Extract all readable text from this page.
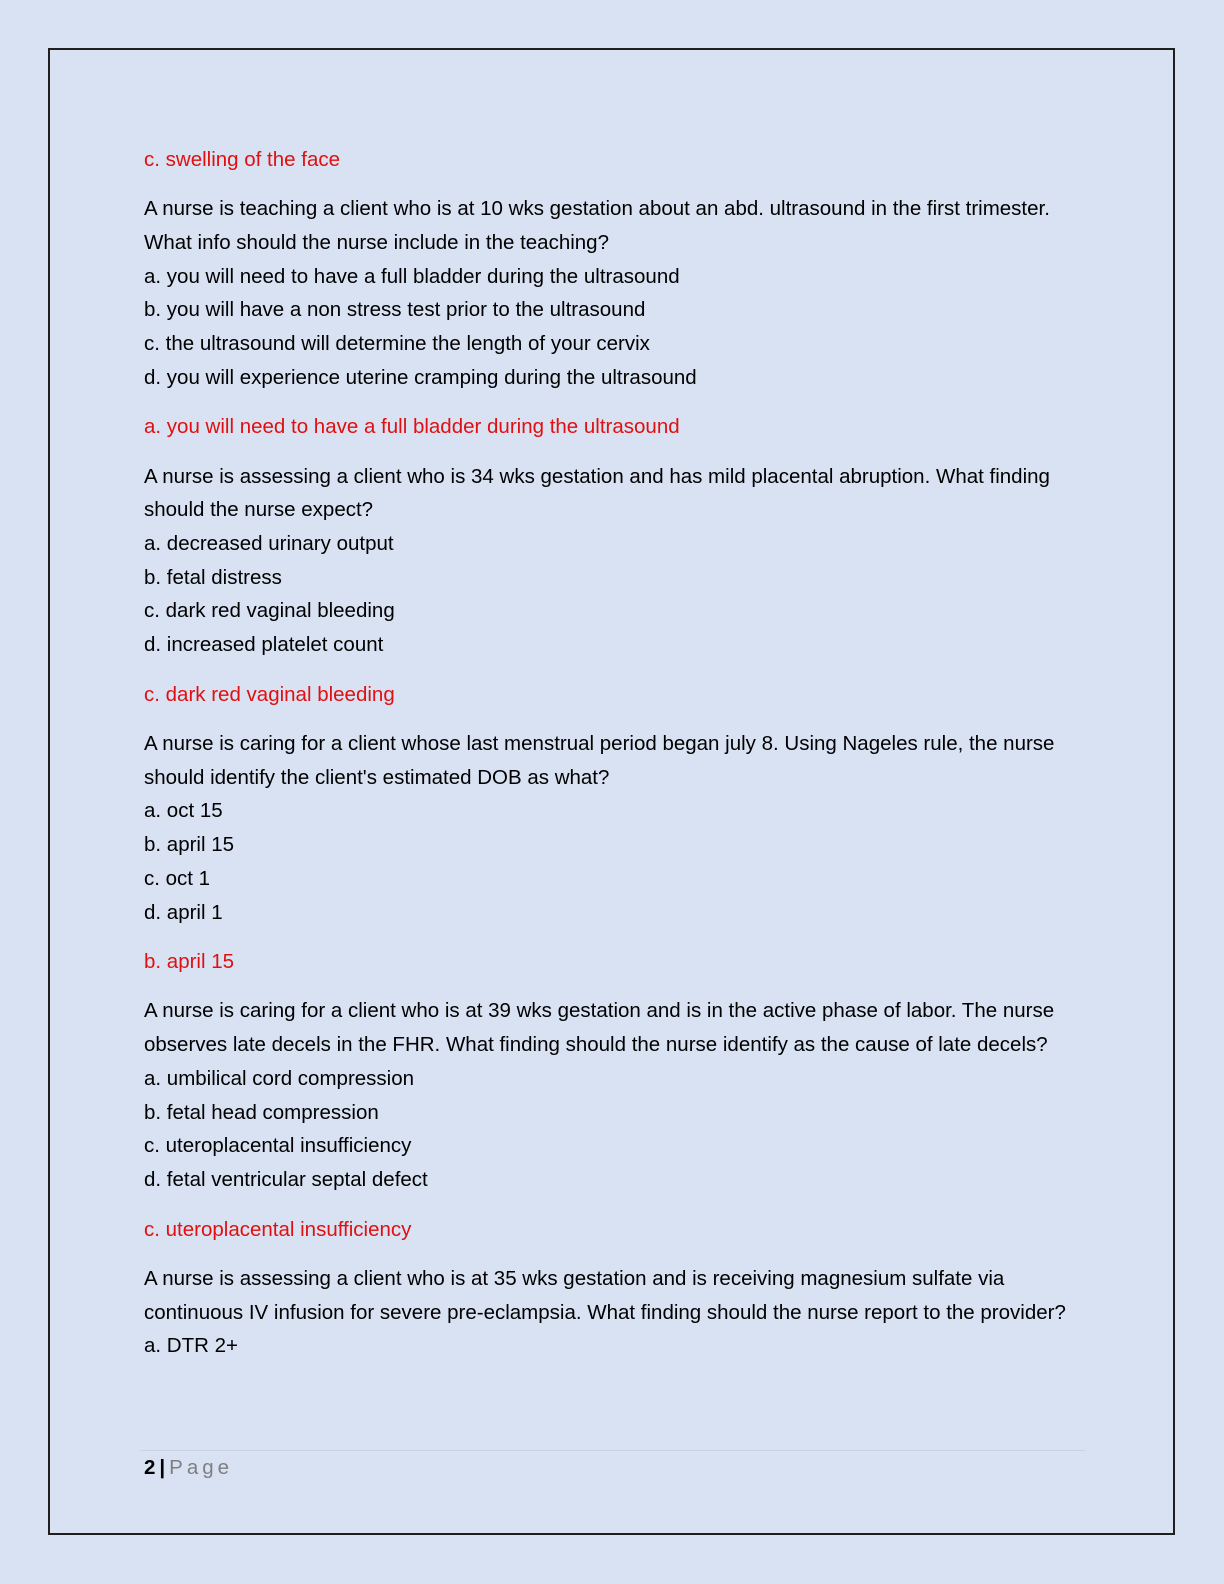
c. swelling of the face

A nurse is teaching a client who is at 10 wks gestation about an abd. ultrasound in the first trimester. What info should the nurse include in the teaching?

a. you will need to have a full bladder during the ultrasound

b. you will have a non stress test prior to the ultrasound

c. the ultrasound will determine the length of your cervix

d. you will experience uterine cramping during the ultrasound

a. you will need to have a full bladder during the ultrasound

A nurse is assessing a client who is 34 wks gestation and has mild placental abruption. What finding should the nurse expect?

a. decreased urinary output

b. fetal distress

c. dark red vaginal bleeding

d. increased platelet count

c. dark red vaginal bleeding

A nurse is caring for a client whose last menstrual period began july 8. Using Nageles rule, the nurse should identify the client's estimated DOB as what?

a. oct 15

b. april 15

c. oct 1

d. april 1

b. april 15

A nurse is caring for a client who is at 39 wks gestation and is in the active phase of labor. The nurse observes late decels in the FHR. What finding should the nurse identify as the cause of late decels?

a. umbilical cord compression

b. fetal head compression

c. uteroplacental insufficiency

d. fetal ventricular septal defect

c. uteroplacental insufficiency

A nurse is assessing a client who is at 35 wks gestation and is receiving magnesium sulfate via continuous IV infusion for severe pre-eclampsia. What finding should the nurse report to the provider?

a. DTR 2+

2 | Page
